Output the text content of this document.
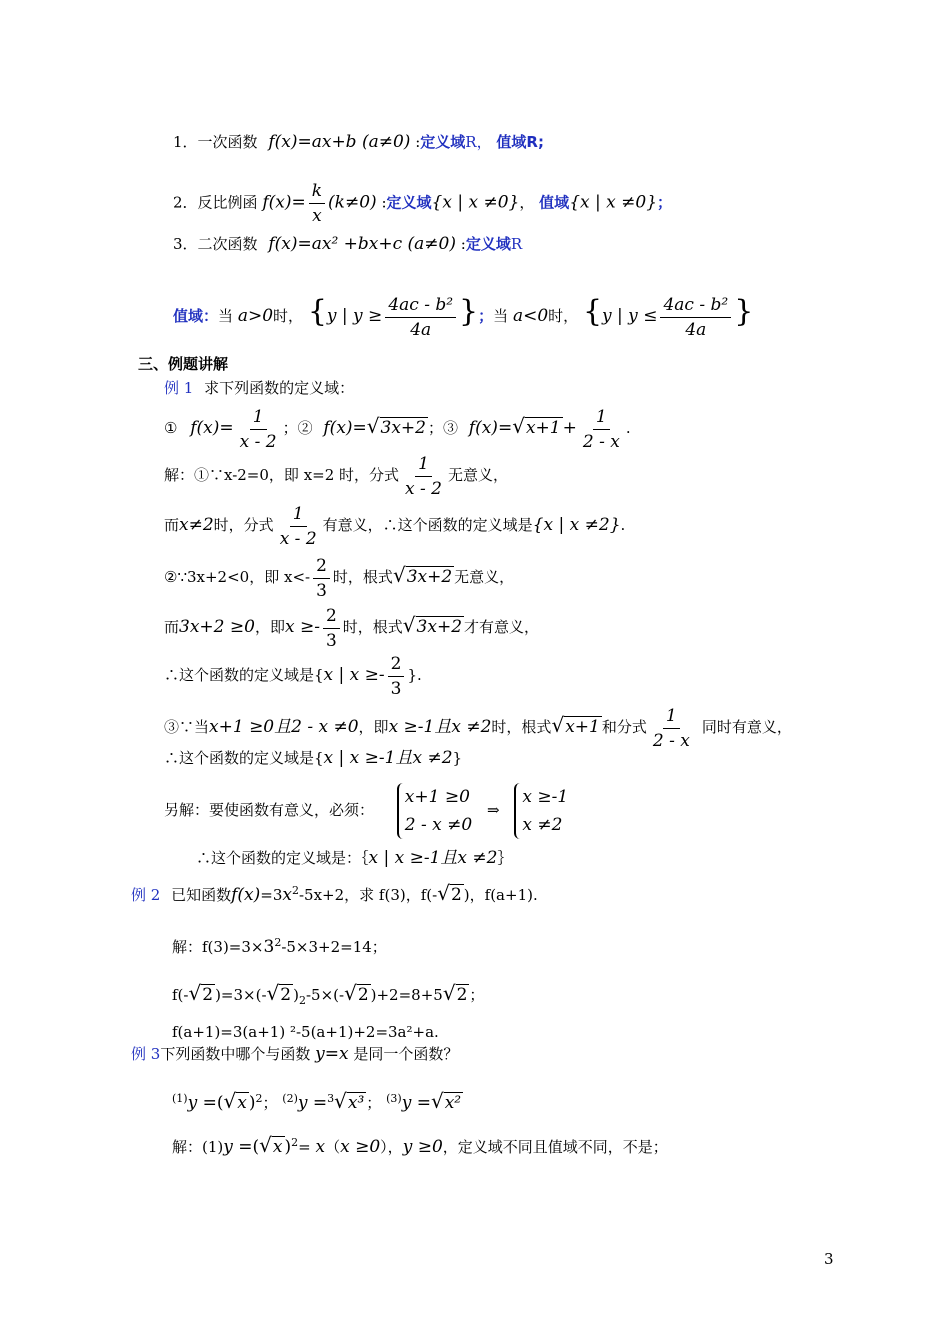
1．一次函数 f(x)=ax+b (a≠0) :定义域R， 值域R;
2．反比例函 $f(x)= \frac{k}{x} (k\ne 0)$ :定义域{x | x ≠0}， 值域{x | x ≠0}；
3．二次函数 f(x)=ax² +bx+c (a≠0) :定义域R
值域：当 a>0时， {y | $y \ge \frac{\text{4ac - b²}}{4a}$ }；当 a<0时， {y | $y \le \frac{\text{4ac - b²}}{4a}$ }
三、例题讲解
例 1 求下列函数的定义域：
① $f(x)= \frac{1}{x - 2}$ ；② f(x)=√3x+2 ；③ $f(x)=√x+1 + \frac{1}{2 - x}$ .
解：①∵x-2=0，即 x=2 时，分式 $\frac{1}{x - 2}$ 无意义，
而x≠2时，分式 $\frac{1}{x - 2}$ 有意义，∴这个函数的定义域是{x | x ≠2}.
②∵3x+2<0，即 $x<- \frac{2}{3}$ 时，根式√3x+2 无意义，
而3x+2 ≥0，即$x \ge- \frac{2}{3}$ 时，根式√3x+2 才有意义，
∴这个函数的定义域是{x | $x \ge- \frac{2}{3}$ }.
③∵当x+1 ≥0且2 - x ≠0，即x ≥-1且x ≠2时，根式√x+1 和分式 $\frac{1}{2 - x}$ 同时有意义，
∴这个函数的定义域是{x | x ≥-1且x ≠2}
另解：要使函数有意义，必须：
x+1 ≥0
2 - x ≠0
⇒
x ≥-1
x ≠2
∴这个函数的定义域是：｛x | x ≥-1且x ≠2｝
例 2 已知函数$f(x)=3x^2-5x+2$，求 f(3)，f(-√2 )，f(a+1).
解：$f(3)=3\times 3^2-5\times 3+2=14$；
f(-√2 )=3×(-√2 )$_2-5\times(-√2$ )+2=8+5√2 ；
f(a+1)=3(a+1) ²-5(a+1)+2=3a²+a.
例 3下列函数中哪个与函数 y=x 是同一个函数？
$^{(1)}$y =(√x )$^2$； $^{(2)}$y =$^3$√x³ ； $^{(3)}$y =√x²
解：(1)y =(√x )$^2$= x（x ≥0），y ≥0，定义域不同且值域不同，不是；
3
